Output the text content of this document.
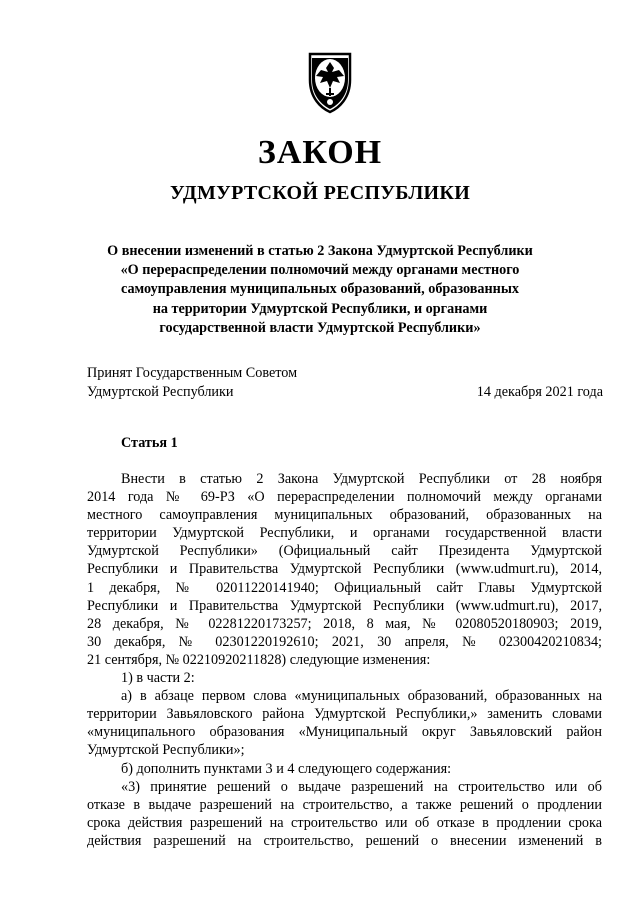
ЗАКОН
УДМУРТСКОЙ РЕСПУБЛИКИ
О внесении изменений в статью 2 Закона Удмуртской Республики
«О перераспределении полномочий между органами местного
самоуправления муниципальных образований, образованных
на территории Удмуртской Республики, и органами
государственной власти Удмуртской Республики»
Принят Государственным Советом
Удмуртской Республики	14 декабря 2021 года
Статья 1
Внести в статью 2 Закона Удмуртской Республики от 28 ноября
2014 года № 69-РЗ «О перераспределении полномочий между органами
местного самоуправления муниципальных образований, образованных на
территории Удмуртской Республики, и органами государственной власти
Удмуртской Республики» (Официальный сайт Президента Удмуртской
Республики и Правительства Удмуртской Республики (www.udmurt.ru), 2014,
1 декабря, № 02011220141940; Официальный сайт Главы Удмуртской
Республики и Правительства Удмуртской Республики (www.udmurt.ru), 2017,
28 декабря, № 02281220173257; 2018, 8 мая, № 02080520180903; 2019,
30 декабря, № 02301220192610; 2021, 30 апреля, № 02300420210834;
21 сентября, № 02210920211828) следующие изменения:
1) в части 2:
а) в абзаце первом слова «муниципальных образований, образованных на
территории Завьяловского района Удмуртской Республики,» заменить словами
«муниципального образования «Муниципальный округ Завьяловский район
Удмуртской Республики»;
б) дополнить пунктами 3 и 4 следующего содержания:
«3) принятие решений о выдаче разрешений на строительство или об
отказе в выдаче разрешений на строительство, а также решений о продлении
срока действия разрешений на строительство или об отказе в продлении срока
действия разрешений на строительство, решений о внесении изменений в
